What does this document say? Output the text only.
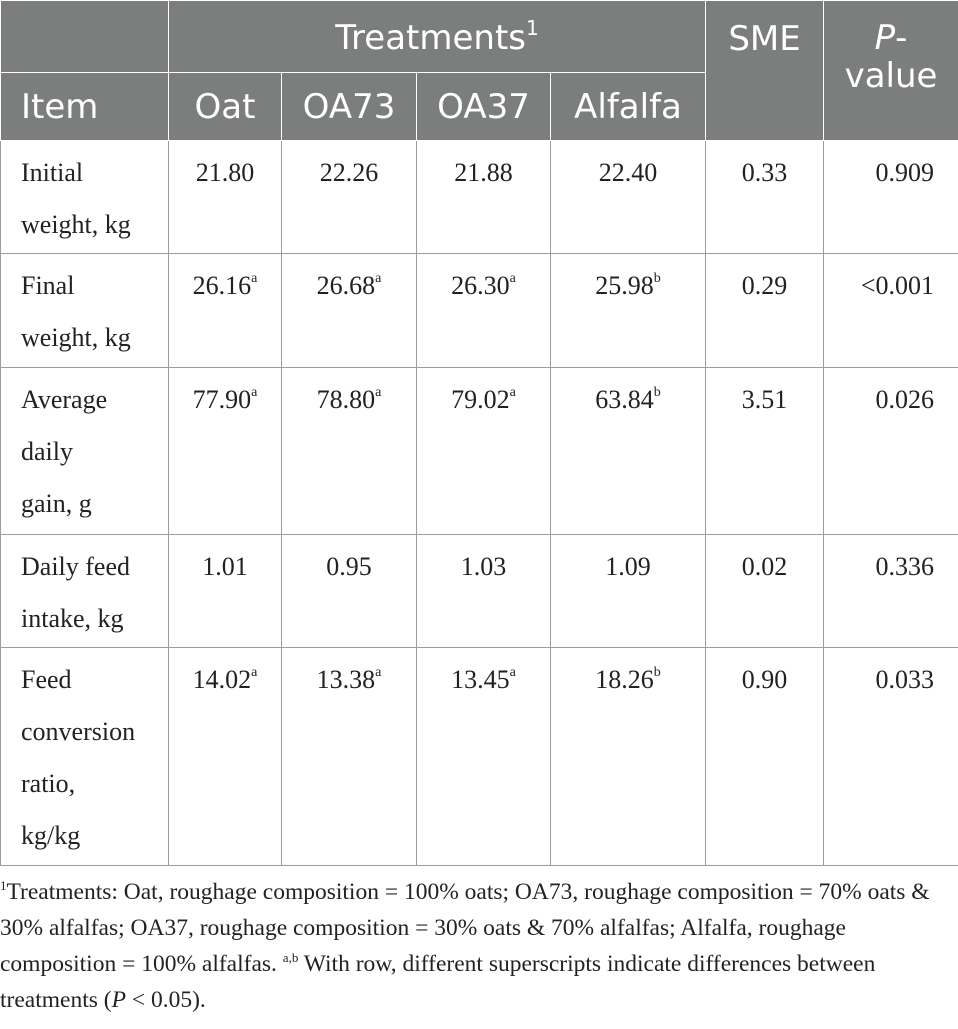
	Treatments$^1$				SME	P-
value
Item	Oat	OA73	OA37	Alfalfa		
Initial
weight, kg	21.80	22.26	21.88	22.40	0.33	0.909
Final
weight, kg	26.16$^a$	26.68$^a$	26.30$^a$	25.98$^b$	0.29	<0.001
Average
daily
gain, g	77.90$^a$	78.80$^a$	79.02$^a$	63.84$^b$	3.51	0.026
Daily feed
intake, kg	1.01	0.95	1.03	1.09	0.02	0.336
Feed
conversion
ratio,
kg/kg	14.02$^a$	13.38$^a$	13.45$^a$	18.26$^b$	0.90	0.033
$^1$Treatments: Oat, roughage composition = 100% oats; OA73, roughage composition = 70% oats & 30% alfalfas; OA37, roughage composition = 30% oats & 70% alfalfas; Alfalfa, roughage composition = 100% alfalfas. $^{a,b}$ With row, different superscripts indicate differences between treatments (P < 0.05).
